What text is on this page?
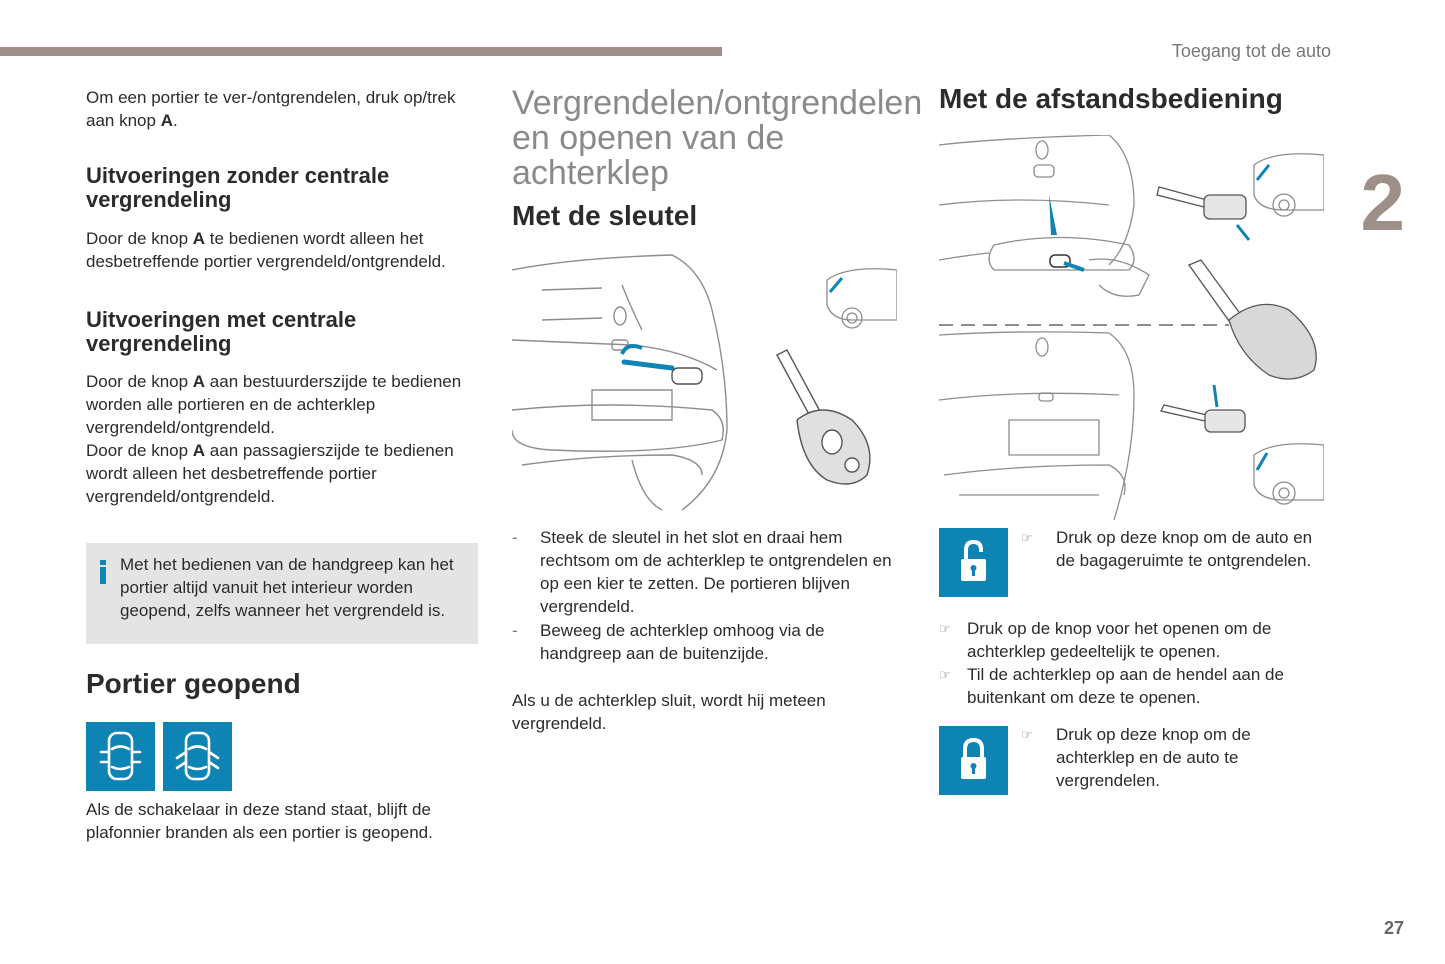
Toegang tot de auto
2
27
Om een portier te ver-/ontgrendelen, druk op/trek aan knop A.
Uitvoeringen zonder centrale vergrendeling
Door de knop A te bedienen wordt alleen het desbetreffende portier vergrendeld/ontgrendeld.
Uitvoeringen met centrale vergrendeling
Door de knop A aan bestuurderszijde te bedienen worden alle portieren en de achterklep vergrendeld/ontgrendeld.
Door de knop A aan passagierszijde te bedienen wordt alleen het desbetreffende portier vergrendeld/ontgrendeld.
Met het bedienen van de handgreep kan het portier altijd vanuit het interieur worden geopend, zelfs wanneer het vergrendeld is.
Portier geopend
Als de schakelaar in deze stand staat, blijft de plafonnier branden als een portier is geopend.
Vergrendelen/ontgrendelen
en openen van de achterklep
Met de sleutel
- Steek de sleutel in het slot en draai hem rechtsom om de achterklep te ontgrendelen en op een kier te zetten. De portieren blijven vergrendeld.
- Beweeg de achterklep omhoog via de handgreep aan de buitenzijde.
Als u de achterklep sluit, wordt hij meteen vergrendeld.
Met de afstandsbediening
☞ Druk op deze knop om de auto en de bagageruimte te ontgrendelen.
☞ Druk op de knop voor het openen om de achterklep gedeeltelijk te openen.
☞ Til de achterklep op aan de hendel aan de buitenkant om deze te openen.
☞ Druk op deze knop om de achterklep en de auto te vergrendelen.
